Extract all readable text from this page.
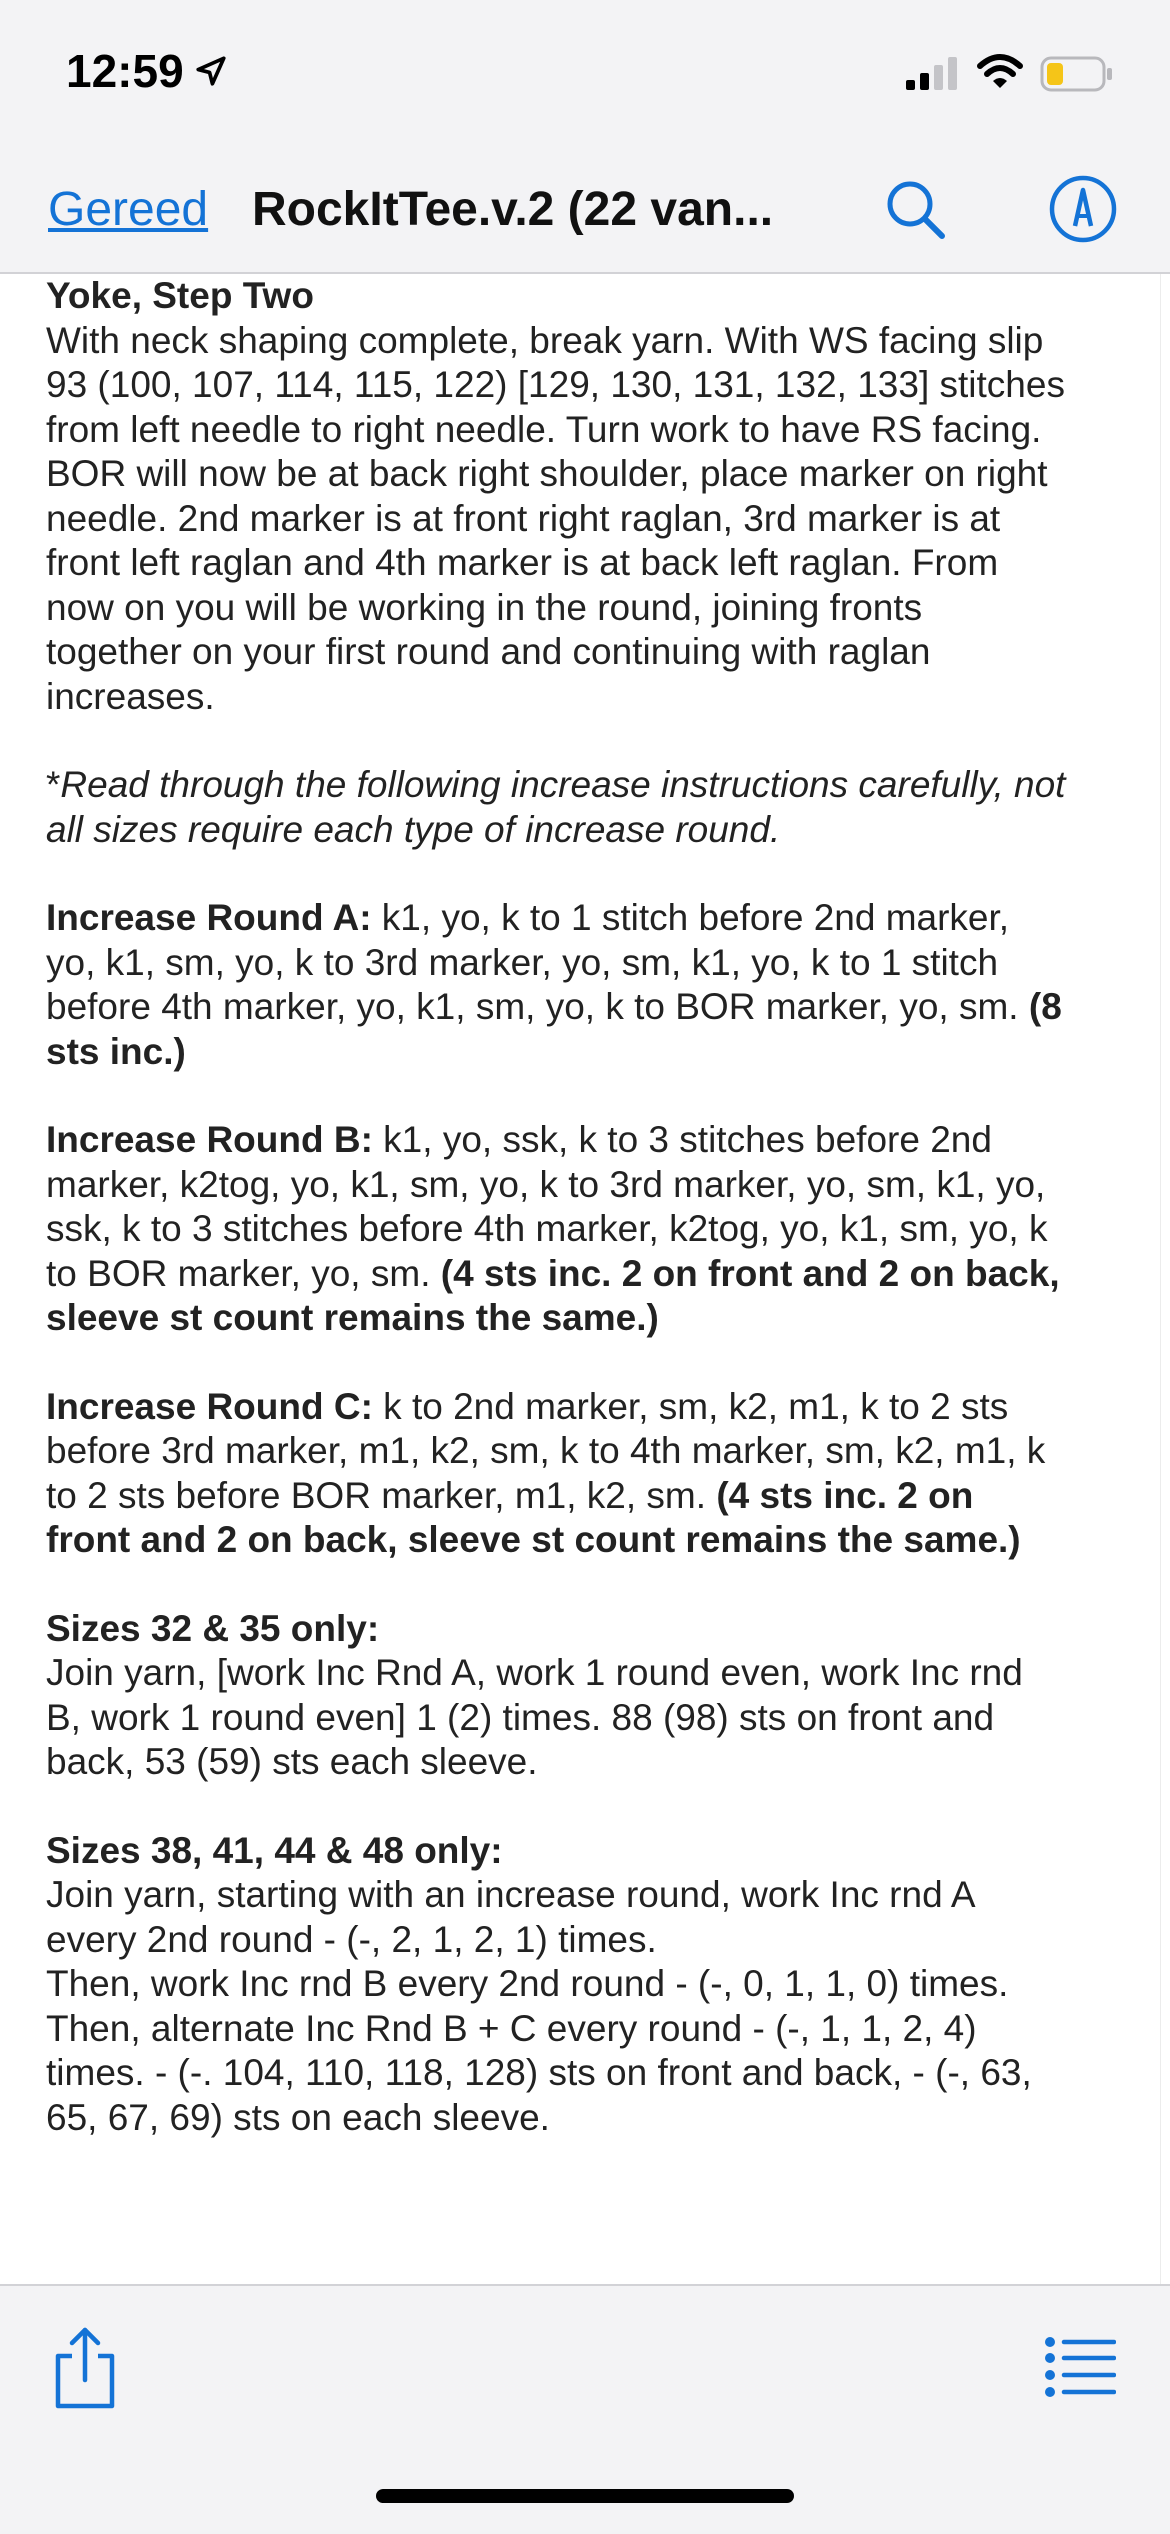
12:59
Gereed RockItTee.v.2 (22 van...

Yoke, Step Two

With neck shaping complete, break yarn. With WS facing slip 93 (100, 107, 114, 115, 122) [129, 130, 131, 132, 133] stitches from left needle to right needle. Turn work to have RS facing. BOR will now be at back right shoulder, place marker on right needle. 2nd marker is at front right raglan, 3rd marker is at front left raglan and 4th marker is at back left raglan. From now on you will be working in the round, joining fronts together on your first round and continuing with raglan increases.

*Read through the following increase instructions carefully, not all sizes require each type of increase round.

Increase Round A: k1, yo, k to 1 stitch before 2nd marker, yo, k1, sm, yo, k to 3rd marker, yo, sm, k1, yo, k to 1 stitch before 4th marker, yo, k1, sm, yo, k to BOR marker, yo, sm. (8 sts inc.)

Increase Round B: k1, yo, ssk, k to 3 stitches before 2nd marker, k2tog, yo, k1, sm, yo, k to 3rd marker, yo, sm, k1, yo, ssk, k to 3 stitches before 4th marker, k2tog, yo, k1, sm, yo, k to BOR marker, yo, sm. (4 sts inc. 2 on front and 2 on back, sleeve st count remains the same.)

Increase Round C: k to 2nd marker, sm, k2, m1, k to 2 sts before 3rd marker, m1, k2, sm, k to 4th marker, sm, k2, m1, k to 2 sts before BOR marker, m1, k2, sm. (4 sts inc. 2 on front and 2 on back, sleeve st count remains the same.)

Sizes 32 & 35 only:

Join yarn, [work Inc Rnd A, work 1 round even, work Inc rnd B, work 1 round even] 1 (2) times. 88 (98) sts on front and back, 53 (59) sts each sleeve.

Sizes 38, 41, 44 & 48 only:

Join yarn, starting with an increase round, work Inc rnd A every 2nd round - (-, 2, 1, 2, 1) times.

Then, work Inc rnd B every 2nd round - (-, 0, 1, 1, 0) times.

Then, alternate Inc Rnd B + C every round - (-, 1, 1, 2, 4) times. - (-. 104, 110, 118, 128) sts on front and back, - (-, 63, 65, 67, 69) sts on each sleeve.
